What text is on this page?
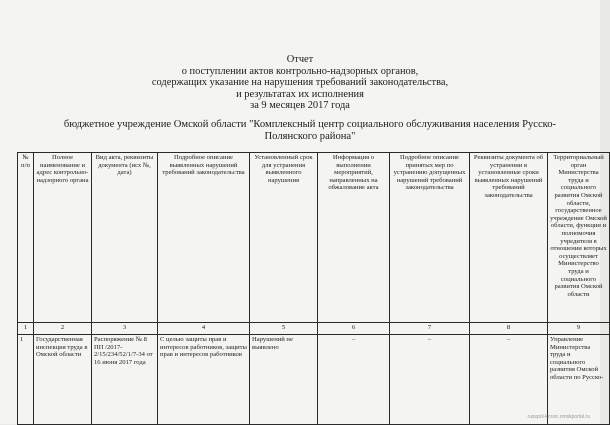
Отчет
о поступлении актов контрольно-надзорных органов,
содержащих указание на нарушения требований законодательства,
и результатах их исполнения
за 9 месяцев 2017 года
бюджетное учреждение Омской области "Комплексный центр социального обслуживания населения Русско-Полянского района"
№ п/п	Полное наименование и адрес контрольно-надзорного органа	Вид акта, реквизиты документа (исх №, дата)	Подробное описание выявленных нарушений требований законодательства	Установленный срок для устранения выявленного нарушения	Информация о выполнении мероприятий, направленных на обжалование акта	Подробное описание принятых мер по устранению допущенных нарушений требований законодательства	Реквизиты документа об устранении в установленные сроки выявленных нарушений требований законодательства	Территориальный орган Министерства труда и социального развития Омской области, государственное учреждение Омской области, функции и полномочия учредителя в отношении которых осуществляет Министерство труда и социального развития Омской области
1	2	3	4	5	6	7	8	9
1	Государственная инспекция труда в Омской области	Распоряжение № 8 ПП /2017-2/15/234/52/1/7-34 от 16 июня 2017 года	С целью защиты прав и интересов работников, защиты прав и интересов работников	Нарушений не выявлено	–	–	–	Управление Министерства труда и социального развития Омской области по Русско-
russpol-kcson.omskportal.ru
